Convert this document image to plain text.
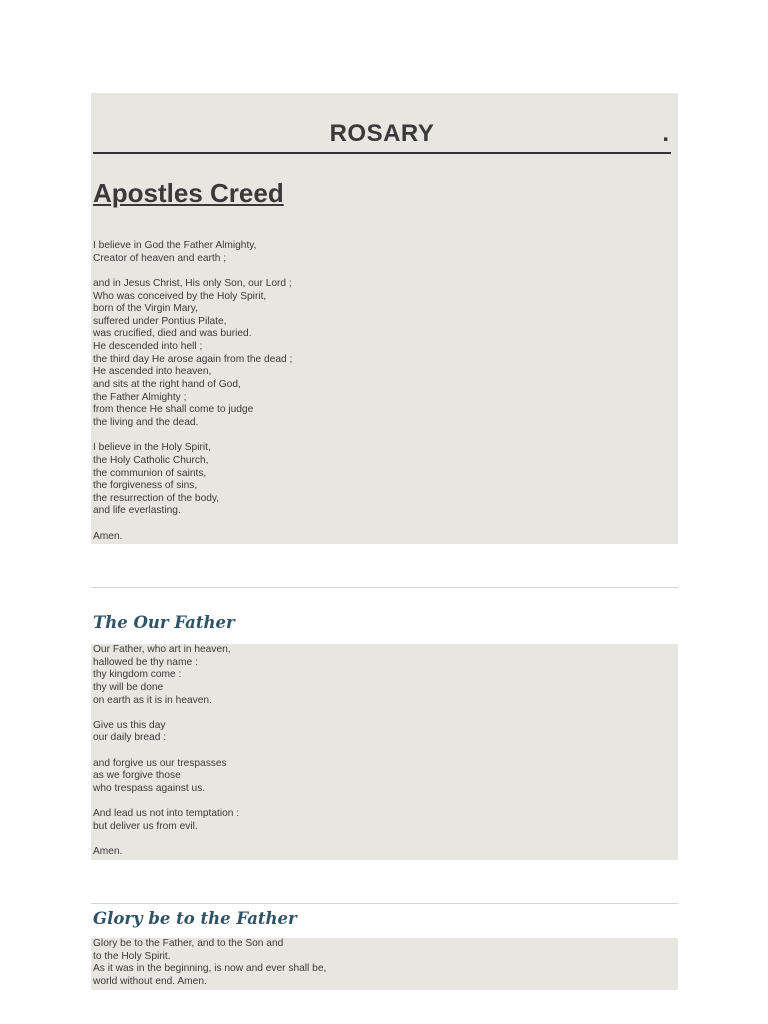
ROSARY	.
Apostles Creed
I believe in God the Father Almighty,
Creator of heaven and earth ;
and in Jesus Christ, His only Son, our Lord ;
Who was conceived by the Holy Spirit,
born of the Virgin Mary,
suffered under Pontius Pilate,
was crucified, died and was buried.
He descended into hell ;
the third day He arose again from the dead ;
He ascended into heaven,
and sits at the right hand of God,
the Father Almighty ;
from thence He shall come to judge
the living and the dead.
I believe in the Holy Spirit,
the Holy Catholic Church,
the communion of saints,
the forgiveness of sins,
the resurrection of the body,
and life everlasting.
Amen.
The Our Father
Our Father, who art in heaven,
hallowed be thy name :
thy kingdom come :
thy will be done
on earth as it is in heaven.
Give us this day
our daily bread :
and forgive us our trespasses
as we forgive those
who trespass against us.
And lead us not into temptation :
but deliver us from evil.
Amen.
Glory be to the Father
Glory be to the Father, and to the Son and
to the Holy Spirit.
As it was in the beginning, is now and ever shall be,
world without end. Amen.
